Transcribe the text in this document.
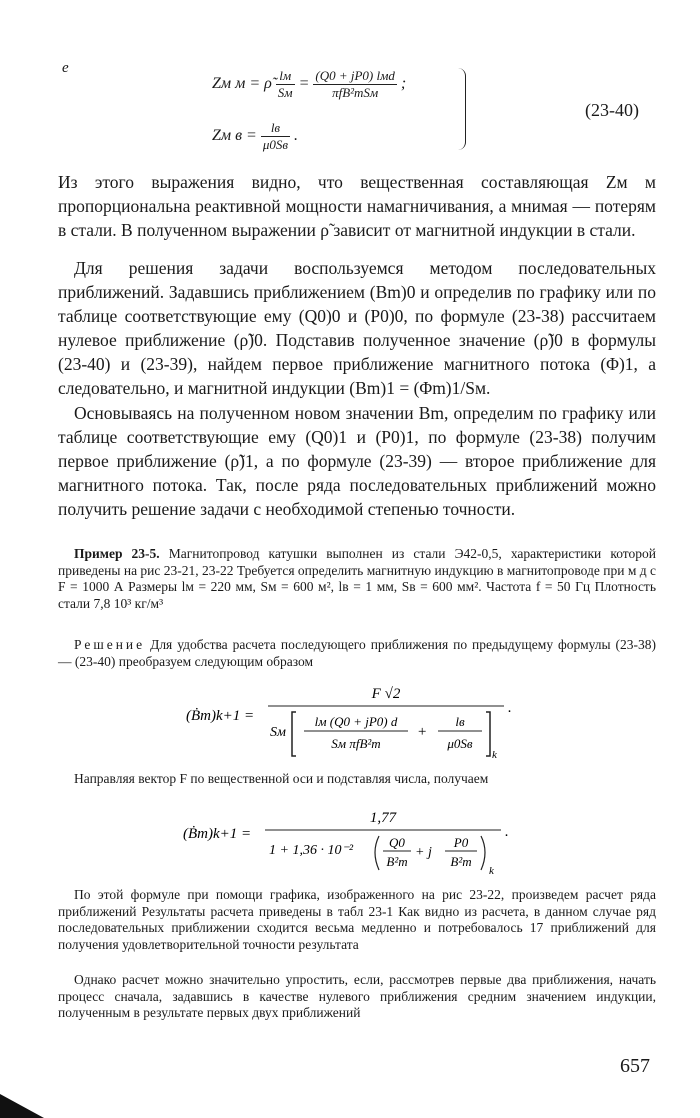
e
Zм м = ρ̃ $\frac{lм}{Sм} = \frac{\text{(Q0 + jP0) lмd}}{\text{πfB²mSм}}$ ;
Zм $в = \frac{lв}{\mu 0Sв}$ .
(23-40)

Из этого выражения видно, что вещественная составляющая Zм м пропорциональна реактивной мощности намагничивания, а мнимая — потерям в стали. В полученном выражении ρ̃ зависит от магнитной индукции в стали.

Для решения задачи воспользуемся методом последовательных приближений. Задавшись приближением (Bm)0 и определив по графику или по таблице соответствующие ему (Q0)0 и (P0)0, по формуле (23-38) рассчитаем нулевое приближение (ρ̃)0. Подставив полученное значение (ρ̃)0 в формулы (23-40) и (23-39), найдем первое приближение магнитного потока (Φ)1, а следовательно, и магнитной индукции (Bm)1 = (Φm)1/Sм.

Основываясь на полученном новом значении Bm, определим по графику или таблице соответствующие ему (Q0)1 и (P0)1, по формуле (23-38) получим первое приближение (ρ̃)1, а по формуле (23-39) — второе приближение для магнитного потока. Так, после ряда последовательных приближений можно получить решение задачи с необходимой степенью точности.

Пример 23-5. Магнитопровод катушки выполнен из стали Э42-0,5, характеристики которой приведены на рис 23-21, 23-22 Требуется определить магнитную индукцию в магнитопроводе при м д с F = 1000 А Размеры lм = 220 мм, Sм = 600 м², lв = 1 мм, Sв = 600 мм². Частота f = 50 Гц Плотность стали 7,8 10³ кг/м³

Решение Для удобства расчета последующего приближения по предыдущему формулы (23-38) — (23-40) преобразуем следующим образом

(Ḃm)k+1 =
F √2
Sм
lм (Q0 + jP0) d
Sм πfB²m
+
lв
μ0Sв
k
.

Направляя вектор F по вещественной оси и подставляя числа, получаем

(Ḃm)k+1 =
1,77
1 + 1,36 · 10⁻²
Q0
B²m
+ j
P0
B²m
k
.

По этой формуле при помощи графика, изображенного на рис 23-22, произведем расчет ряда приближений Результаты расчета приведены в табл 23-1 Как видно из расчета, в данном случае ряд последовательных приближении сходится весьма медленно и потребовалось 17 приближений для получения удовлетворительной точности результата

Однако расчет можно значительно упростить, если, рассмотрев первые два приближения, начать процесс сначала, задавшись в качестве нулевого приближения средним значением индукции, полученным в результате первых двух приближений

657
